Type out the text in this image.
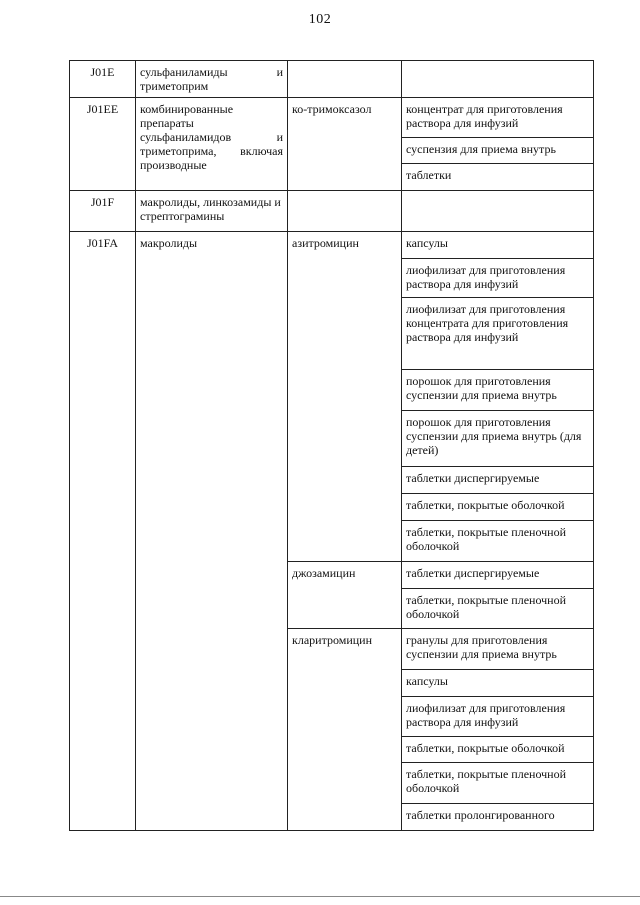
102
J01E	сульфаниламиды и триметоприм		
J01EE	комбинированные препараты сульфаниламидов и триметоприма, включая производные	ко-тримоксазол	концентрат для приготовления раствора для инфузий
			суспензия для приема внутрь
			таблетки
J01F	макролиды, линкозамиды и стрептограмины		
J01FA	макролиды	азитромицин	капсулы
			лиофилизат для приготовления раствора для инфузий
			лиофилизат для приготовления концентрата для приготовления раствора для инфузий
			порошок для приготовления суспензии для приема внутрь
			порошок для приготовления суспензии для приема внутрь (для детей)
			таблетки диспергируемые
			таблетки, покрытые оболочкой
			таблетки, покрытые пленочной оболочкой
		джозамицин	таблетки диспергируемые
			таблетки, покрытые пленочной оболочкой
		кларитромицин	гранулы для приготовления суспензии для приема внутрь
			капсулы
			лиофилизат для приготовления раствора для инфузий
			таблетки, покрытые оболочкой
			таблетки, покрытые пленочной оболочкой
			таблетки пролонгированного
